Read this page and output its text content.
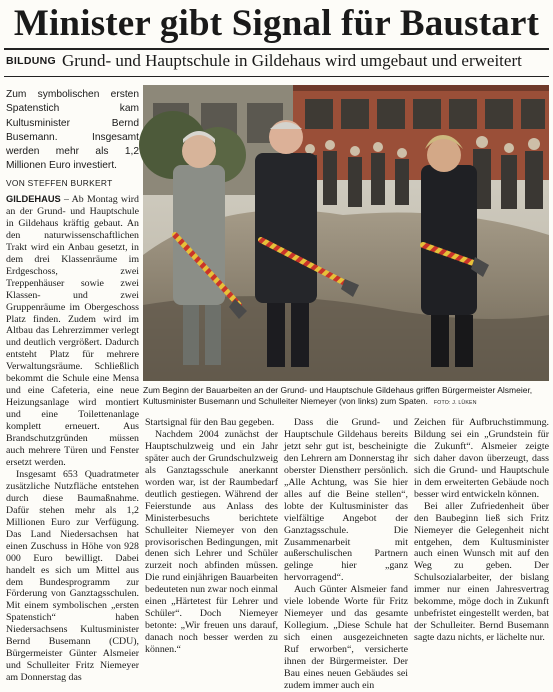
Minister gibt Signal für Baustart
BILDUNG Grund- und Hauptschule in Gildehaus wird umgebaut und erweitert
Zum symbolischen ersten Spatenstich kam Kultusminister Bernd Busemann. Insgesamt werden mehr als 1,2 Millionen Euro investiert.
VON STEFFEN BURKERT
Zum Beginn der Bauarbeiten an der Grund- und Hauptschule Gildehaus griffen Bürgermeister Alsmeier, Kultusminister Busemann und Schulleiter Niemeyer (von links) zum Spaten. FOTO: J. LÜKEN

GILDEHAUS – Ab Montag wird an der Grund- und Hauptschule in Gildehaus kräftig gebaut. An den naturwissenschaftlichen Trakt wird ein Anbau gesetzt, in dem drei Klassenräume im Erdgeschoss, zwei Treppenhäuser sowie zwei Klassen- und zwei Gruppenräume im Obergeschoss Platz finden. Zudem wird im Altbau das Lehrerzimmer verlegt und deutlich vergrößert. Dadurch entsteht Platz für mehrere Verwaltungsräume. Schließlich bekommt die Schule eine Mensa und eine Cafeteria, eine neue Heizungsanlage wird montiert und eine Toilettenanlage komplett erneuert. Aus Brandschutzgründen müssen auch mehrere Türen und Fenster ersetzt werden.

Insgesamt 653 Quadratmeter zusätzliche Nutzfläche entstehen durch diese Baumaßnahme. Dafür stehen mehr als 1,2 Millionen Euro zur Verfügung. Das Land Niedersachsen hat einen Zuschuss in Höhe von 928 000 Euro bewilligt. Dabei handelt es sich um Mittel aus dem Bundesprogramm zur Förderung von Ganztagsschulen. Mit einem symbolischen „ersten Spatenstich“ haben Niedersachsens Kultusminister Bernd Busemann (CDU), Bürgermeister Günter Alsmeier und Schulleiter Fritz Niemeyer am Donnerstag das

Startsignal für den Bau gegeben.

Nachdem 2004 zunächst der Hauptschulzweig und ein Jahr später auch der Grundschulzweig als Ganztagsschule anerkannt worden war, ist der Raumbedarf deutlich gestiegen. Während der Feierstunde aus Anlass des Ministerbesuchs berichtete Schulleiter Niemeyer von den provisorischen Bedingungen, mit denen sich Lehrer und Schüler zurzeit noch abfinden müssen. Die rund einjährigen Bauarbeiten bedeuteten nun zwar noch einmal einen „Härtetest für Lehrer und Schüler“. Doch Niemeyer betonte: „Wir freuen uns darauf, danach noch besser werden zu können.“

Dass die Grund- und Hauptschule Gildehaus bereits jetzt sehr gut ist, bescheinigte den Lehrern am Donnerstag ihr oberster Dienstherr persönlich. „Alle Achtung, was Sie hier alles auf die Beine stellen“, lobte der Kultusminister das vielfältige Angebot der Ganztagsschule. Die Zusammenarbeit mit außerschulischen Partnern gelinge hier „ganz hervorragend“.

Auch Günter Alsmeier fand viele lobende Worte für Fritz Niemeyer und das gesamte Kollegium. „Diese Schule hat sich einen ausgezeichneten Ruf erworben“, versicherte ihnen der Bürgermeister. Der Bau eines neuen Gebäudes sei zudem immer auch ein

Zeichen für Aufbruchstimmung. Bildung sei ein „Grundstein für die Zukunft“. Alsmeier zeigte sich daher davon überzeugt, dass sich die Grund- und Hauptschule in dem erweiterten Gebäude noch besser wird entwickeln können.

Bei aller Zufriedenheit über den Baubeginn ließ sich Fritz Niemeyer die Gelegenheit nicht entgehen, dem Kultusminister auch einen Wunsch mit auf den Weg zu geben. Der Schulsozialarbeiter, der bislang immer nur einen Jahresvertrag bekomme, möge doch in Zukunft unbefristet eingestellt werden, bat der Schulleiter. Bernd Busemann sagte dazu nichts, er lächelte nur.
